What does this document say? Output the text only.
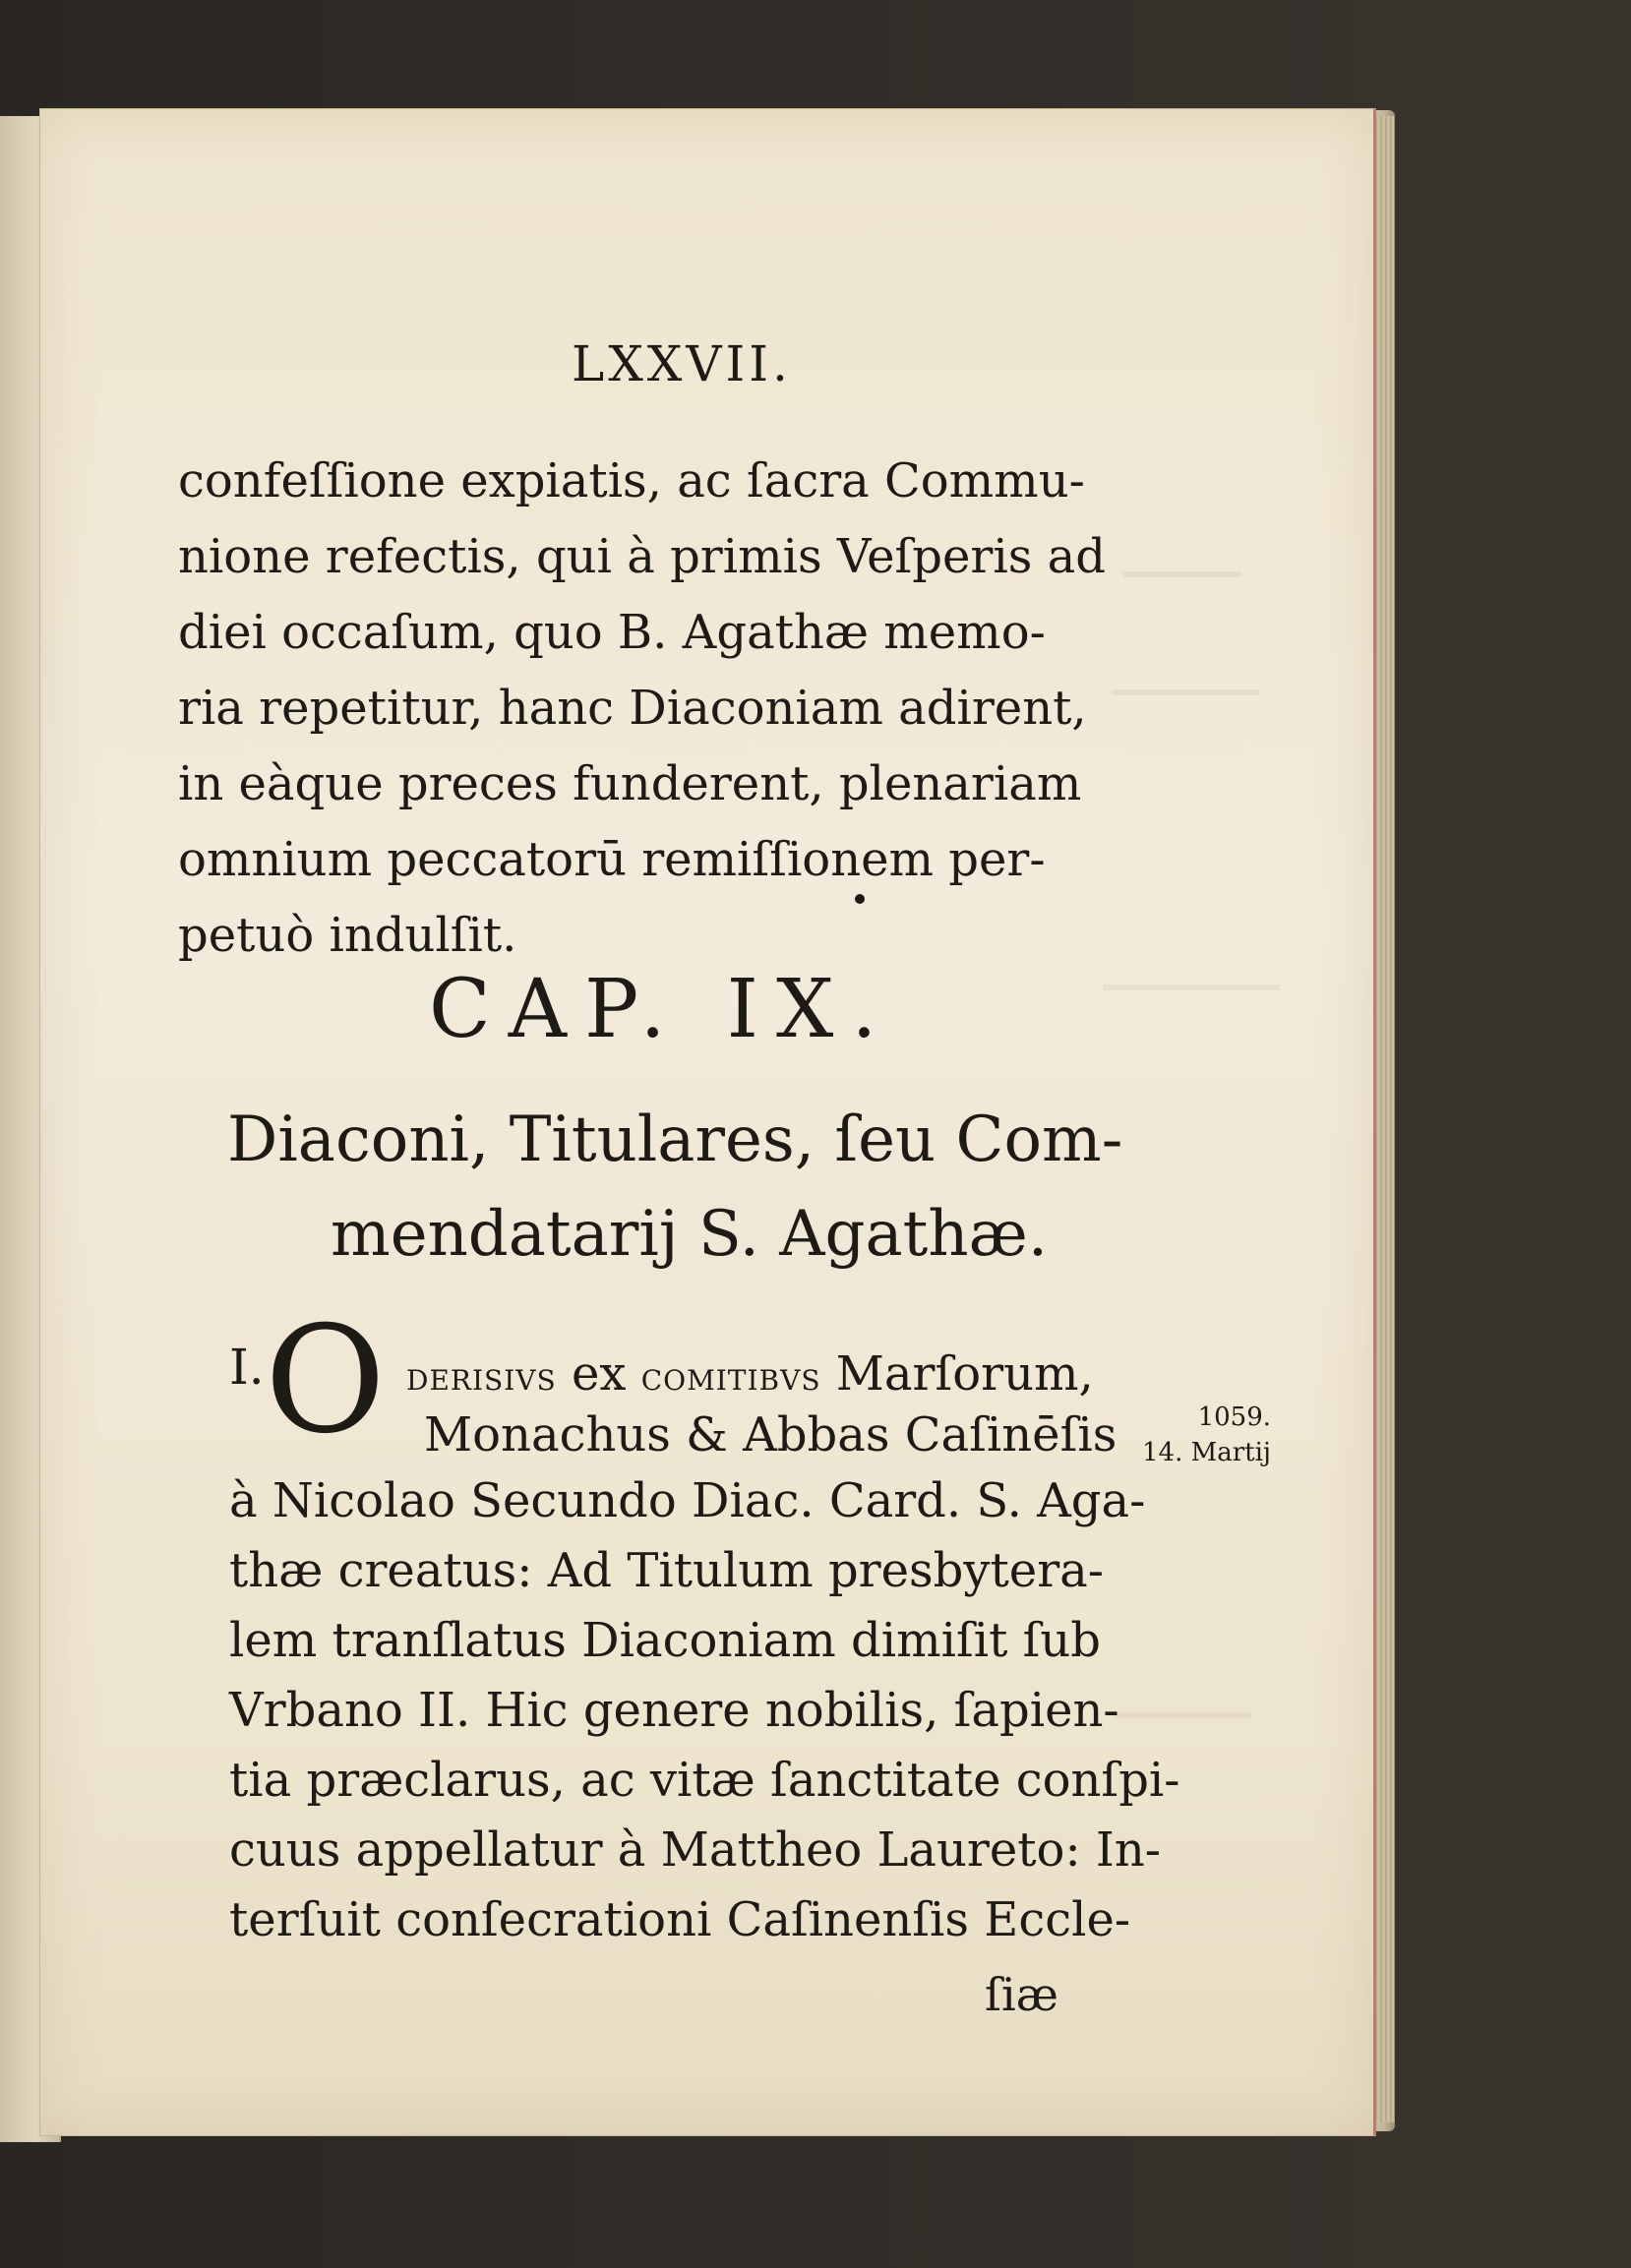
LXXVII.
confeſſione expiatis, ac ſacra Commu-
nione refectis, qui à primis Veſperis ad
diei occaſum, quo B. Agathæ memo-
ria repetitur, hanc Diaconiam adirent,
in eàque preces funderent, plenariam
omnium peccatorū remiſſionem per-
petuò indulſit.
CAP. IX.
Diaconi, Titulares, ſeu Com-
mendatarij S. Agathæ.
I. O DERISIVS ex COMITIBVS Marſorum,
Monachus & Abbas Caſinēſis
à Nicolao Secundo Diac. Card. S. Aga-
thæ creatus: Ad Titulum presbytera-
lem tranſlatus Diaconiam dimiſit ſub
Vrbano II. Hic genere nobilis, ſapien-
tia præclarus, ac vitæ ſanctitate conſpi-
cuus appellatur à Mattheo Laureto: In-
terſuit conſecrationi Caſinenſis Eccle-
ſiæ
1059.
14. Martij
